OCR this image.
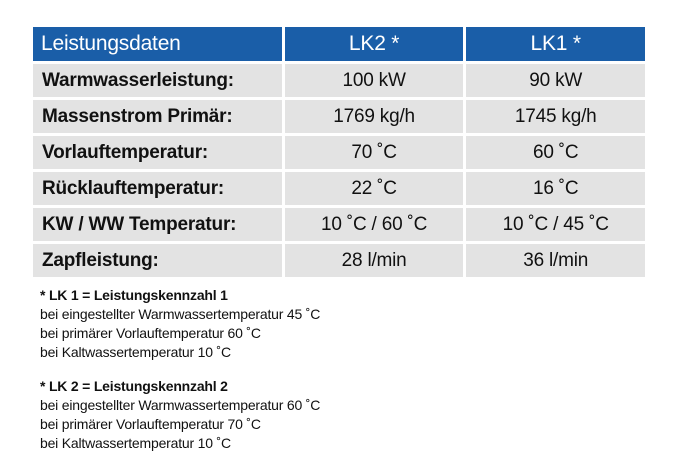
Leistungsdaten	LK2 *	LK1 *
Warmwasserleistung:	100 kW	90 kW
Massenstrom Primär:	1769 kg/h	1745 kg/h
Vorlauftemperatur:	70 ˚C	60 ˚C
Rücklauftemperatur:	22 ˚C	16 ˚C
KW / WW Temperatur:	10 ˚C / 60 ˚C	10 ˚C / 45 ˚C
Zapfleistung:	28 l/min	36 l/min
* LK 1 = Leistungskennzahl 1
bei eingestellter Warmwassertemperatur 45 ˚C
bei primärer Vorlauftemperatur 60 ˚C
bei Kaltwassertemperatur 10 ˚C
* LK 2 = Leistungskennzahl 2
bei eingestellter Warmwassertemperatur 60 ˚C
bei primärer Vorlauftemperatur 70 ˚C
bei Kaltwassertemperatur 10 ˚C
